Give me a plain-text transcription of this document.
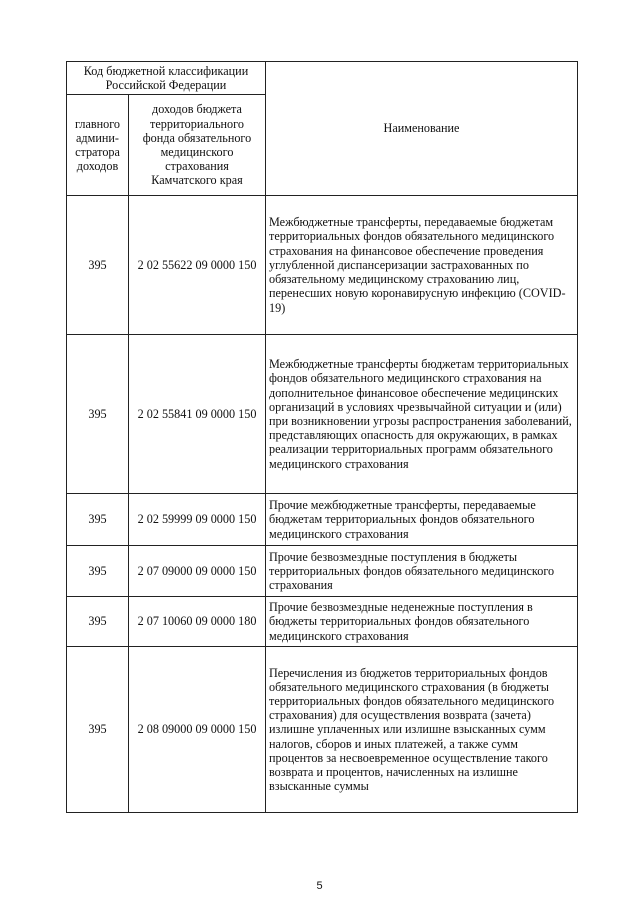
Код бюджетной классификации Российской Федерации		Наименование
главного админи-стратора доходов	доходов бюджета территориального фонда обязательного медицинского страхования Камчатского края	
395	2 02 55622 09 0000 150	Межбюджетные трансферты, передаваемые бюджетам территориальных фондов обязательного медицинского страхования на финансовое обеспечение проведения углубленной диспансеризации застрахованных по обязательному медицинскому страхованию лиц, перенесших новую коронавирусную инфекцию (COVID-19)
395	2 02 55841 09 0000 150	Межбюджетные трансферты бюджетам территориальных фондов обязательного медицинского страхования на дополнительное финансовое обеспечение медицинских организаций в условиях чрезвычайной ситуации и (или) при возникновении угрозы распространения заболеваний, представляющих опасность для окружающих, в рамках реализации территориальных программ обязательного медицинского страхования
395	2 02 59999 09 0000 150	Прочие межбюджетные трансферты, передаваемые бюджетам территориальных фондов обязательного медицинского страхования
395	2 07 09000 09 0000 150	Прочие безвозмездные поступления в бюджеты территориальных фондов обязательного медицинского страхования
395	2 07 10060 09 0000 180	Прочие безвозмездные неденежные поступления в бюджеты территориальных фондов обязательного медицинского страхования
395	2 08 09000 09 0000 150	Перечисления из бюджетов территориальных фондов обязательного медицинского страхования (в бюджеты территориальных фондов обязательного медицинского страхования) для осуществления возврата (зачета) излишне уплаченных или излишне взысканных сумм налогов, сборов и иных платежей, а также сумм процентов за несвоевременное осуществление такого возврата и процентов, начисленных на излишне взысканные суммы
5
